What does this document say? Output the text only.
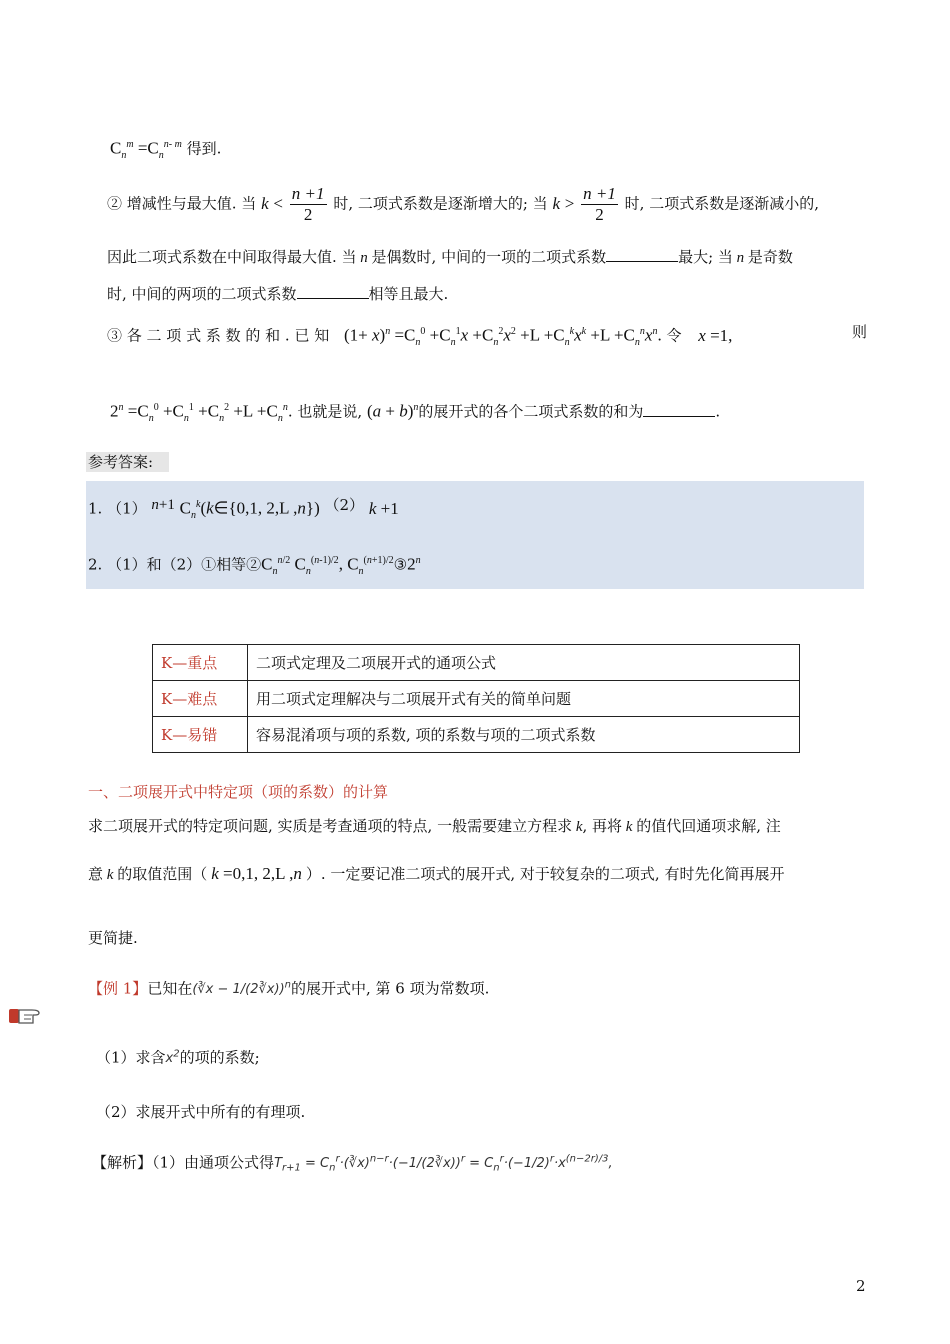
$C_n^m =C_n^{n- m}$ 得到.
② 增减性与最大值. 当 $k < \frac{n +1}{2}$ 时, 二项式系数是逐渐增大的; 当 $k > \frac{n +1}{2}$ 时, 二项式系数是逐渐减小的,
因此二项式系数在中间取得最大值. 当 n 是偶数时, 中间的一项的二项式系数	最大; 当 n 是奇数
时, 中间的两项的二项式系数	相等且最大.
③ 各 二 项 式 系 数 的 和 . 已 知 $(1+ x)^n =C_n^0 +C_n^1x +C_n^2x^2 +L +C_n^kx^k +L +C_n^nx^n$. 令 x =1,	则
$2^n =C_n^0 +C_n^1 +C_n^2 +L +C_n^n$. 也就是说, $(a + b)^n$的展开式的各个二项式系数的和为	.
参考答案:
1. （1） n+1 $C_n^k(k\in\{0,1$, 2,L ,n}) （2） k +1
2. （1）和（2）①相等$②C_n^{n/2}$ $C_n^{(n-1)/2}$, $C_n^{(n+1)/2}③2^n$
K—重点	二项式定理及二项展开式的通项公式
K—难点	用二项式定理解决与二项展开式有关的简单问题
K—易错	容易混淆项与项的系数, 项的系数与项的二项式系数
一、二项展开式中特定项（项的系数）的计算
求二项展开式的特定项问题, 实质是考查通项的特点, 一般需要建立方程求 k, 再将 k 的值代回通项求解, 注
意 k 的取值范围（ k =0,1, 2,L ,n ）. 一定要记准二项式的展开式, 对于较复杂的二项式, 有时先化简再展开
更简捷.
【例 1】已知在(∛x − 1/(2∛x))$^n$的展开式中, 第 6 项为常数项.
（1）求含$x^2$的项的系数;
（2）求展开式中所有的有理项.
【解析】（1）由通项公式得$T_{r+1}$ = $C_n^r\cdot(∛x)^{n-r}\cdot(-1/(2∛x))^r = C_n^r\cdot(-1/2)^r\cdot x^{(n-2r)/3}$,
2
